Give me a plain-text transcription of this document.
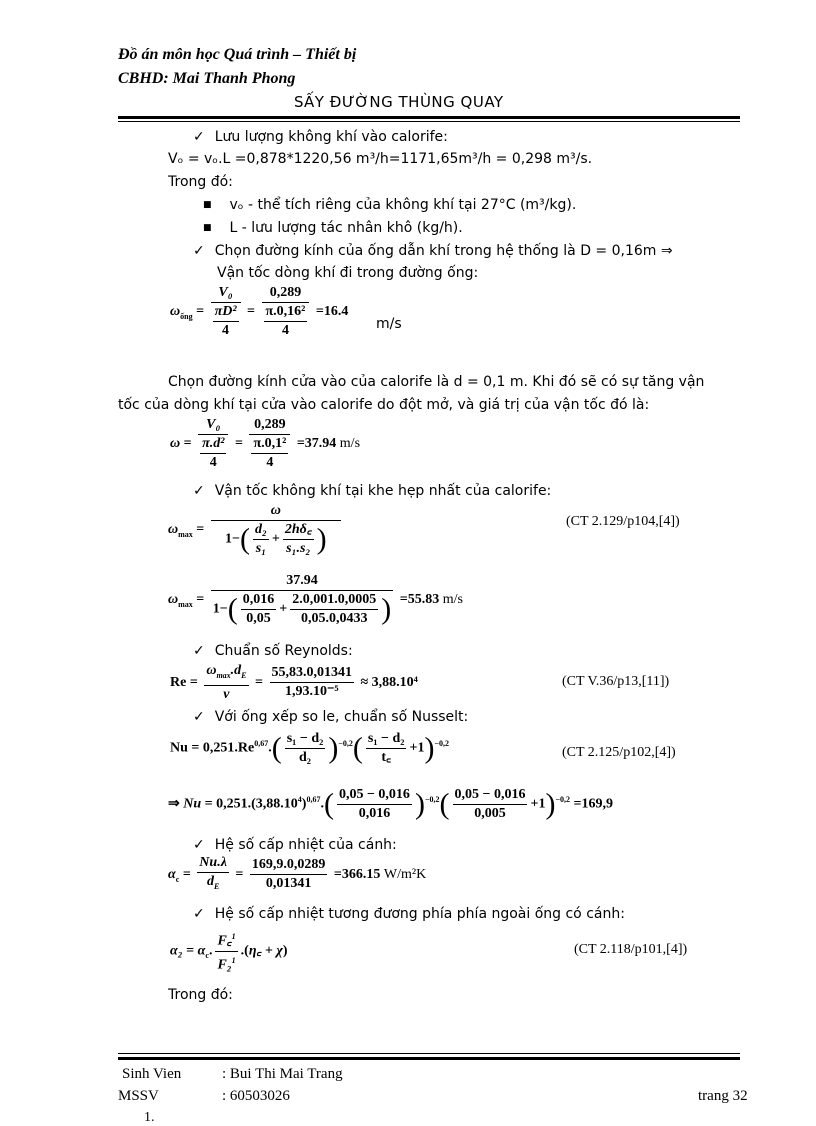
Đồ án môn học Quá trình – Thiết bị
CBHD: Mai Thanh Phong
SẤY ĐƯỜNG THÙNG QUAY
✓ Lưu lượng không khí vào calorife:
Vₒ = vₒ.L =0,878*1220,56 m³/h=1171,65m³/h = 0,298 m³/s.
Trong đó:
■ vₒ - thể tích riêng của không khí tại 27°C (m³/kg).
■ L - lưu lượng tác nhân khô (kg/h).
✓ Chọn đường kính của ống dẫn khí trong hệ thống là D = 0,16m ⇒
Vận tốc dòng khí đi trong đường ống:
$\omega_{ống} = \frac{\text{V₀}}{\frac{\text{πD²}}{4}} = \frac{0,289}{\frac{\text{π.0,16²}}{4}} =16.4$
m/s
Chọn đường kính cửa vào của calorife là d = 0,1 m. Khi đó sẽ có sự tăng vận
tốc của dòng khí tại cửa vào calorife do đột mở, và giá trị của vận tốc đó là:
$\omega = \frac{\text{V₀}}{\frac{\text{π.d²}}{4}} = \frac{0,289}{\frac{\text{π.0,1²}}{4}} =37.94$ m/s
✓ Vận tốc không khí tại khe hẹp nhất của calorife:
$\omega_{max} = \frac{\omega}{1-( \frac{\text{d₂}}{\text{s₁}} + \frac{2h\delta꜀}{\text{s₁.s₂}} )}$	(CT 2.129/p104,[4])
$\omega_{max} = \frac{37.94}{1-( \frac{0,016}{0,05} + \frac{2.0,001.0,0005}{0,05.0,0433} )} =55.83$ m/s
✓ Chuẩn số Reynolds:
$Re = \frac{\omega_{max}.d_E}{\nu} = \frac{55,83.0,01341}{\text{1,93.10⁻⁵}} \approx 3,88.10^4$	(CT V.36/p13,[11])
✓ Với ống xếp so le, chuẩn số Nusselt:
$Nu = 0,251.Re^{0,67}.( \frac{\text{s₁ − d₂}}{\text{d₂}} )^{-0,2}( \frac{\text{s₁ − d₂}}{t꜀} +1)^{-0,2}$
(CT 2.125/p102,[4])
⇒ $Nu = 0,251.(3,88.10^4)^{0,67}.( \frac{0,05 - 0,016}{0,016} )^{-0,2}( \frac{0,05 - 0,016}{0,005} +1)^{-0,2} =169,9$
✓ Hệ số cấp nhiệt của cánh:
$\alpha_c = \frac{Nu.\lambda}{d_E} = \frac{169,9.0,0289}{0,01341} =366.15$ W/m²K
✓ Hệ số cấp nhiệt tương đương phía phía ngoài ống có cánh:
$\alpha_2 = \alpha_c$. $\frac{F꜀^1}{F_2^1}$ .(η꜀ + χ)	(CT 2.118/p101,[4])
Trong đó:
Sinh Vien	: Bui Thi Mai Trang
MSSV	: 60503026	trang 32
1.
